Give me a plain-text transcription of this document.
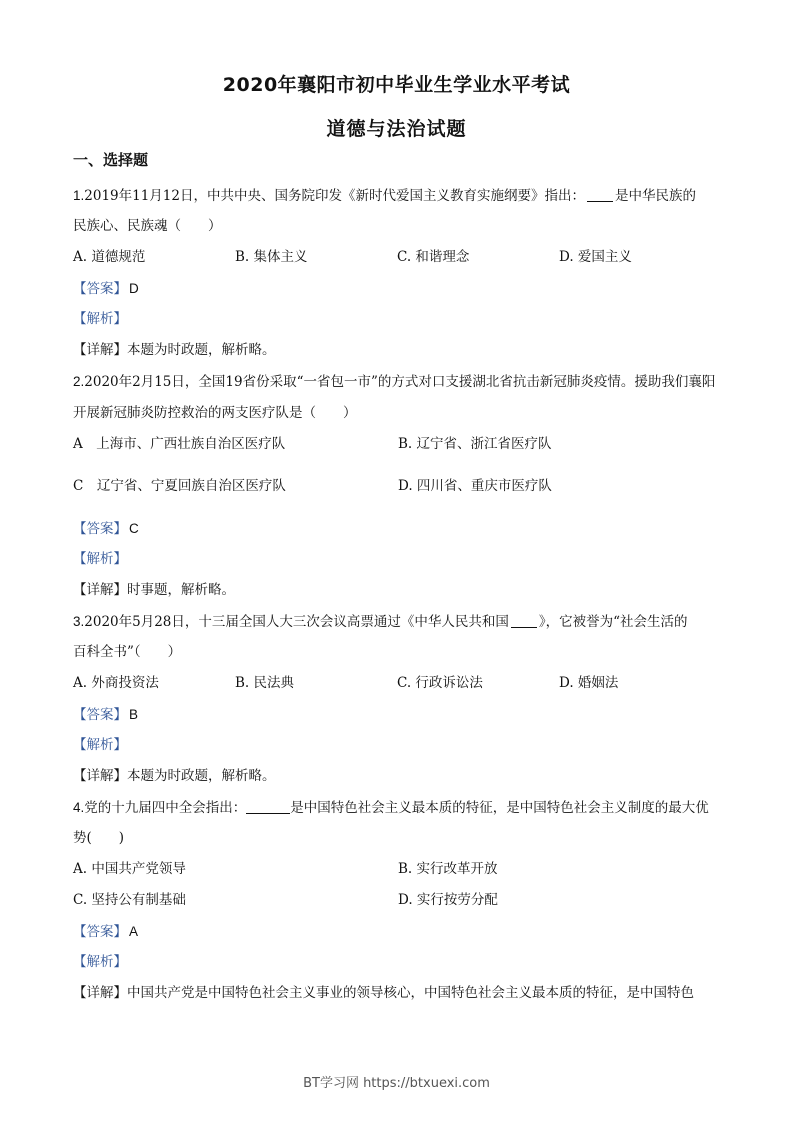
2020年襄阳市初中毕业生学业水平考试
道德与法治试题
一、选择题
1.2019年11月12日，中共中央、国务院印发《新时代爱国主义教育实施纲要》指出： 是中华民族的
民族心、民族魂（　　）
A. 道德规范	B. 集体主义	C. 和谐理念	D. 爱国主义
【答案】 D
【解析】
【详解】本题为时政题，解析略。
2.2020年2月15日，全国19省份采取“一省包一市”的方式对口支援湖北省抗击新冠肺炎疫情。援助我们襄阳开展新冠肺炎防控救治的两支医疗队是（　　）
A　上海市、广西壮族自治区医疗队	B. 辽宁省、浙江省医疗队
C　辽宁省、宁夏回族自治区医疗队	D. 四川省、重庆市医疗队
【答案】 C
【解析】
【详解】时事题，解析略。
3.2020年5月28日，十三届全国人大三次会议高票通过《中华人民共和国 》，它被誉为“社会生活的
百科全书”（　　）
A. 外商投资法	B. 民法典	C. 行政诉讼法	D. 婚姻法
【答案】 B
【解析】
【详解】本题为时政题，解析略。
4.党的十九届四中全会指出：	是中国特色社会主义最本质的特征，是中国特色社会主义制度的最大优
势(　　)
A. 中国共产党领导	B. 实行改革开放
C. 坚持公有制基础	D. 实行按劳分配
【答案】 A
【解析】
【详解】中国共产党是中国特色社会主义事业的领导核心，中国特色社会主义最本质的特征，是中国特色
BT学习网 https://btxuexi.com
